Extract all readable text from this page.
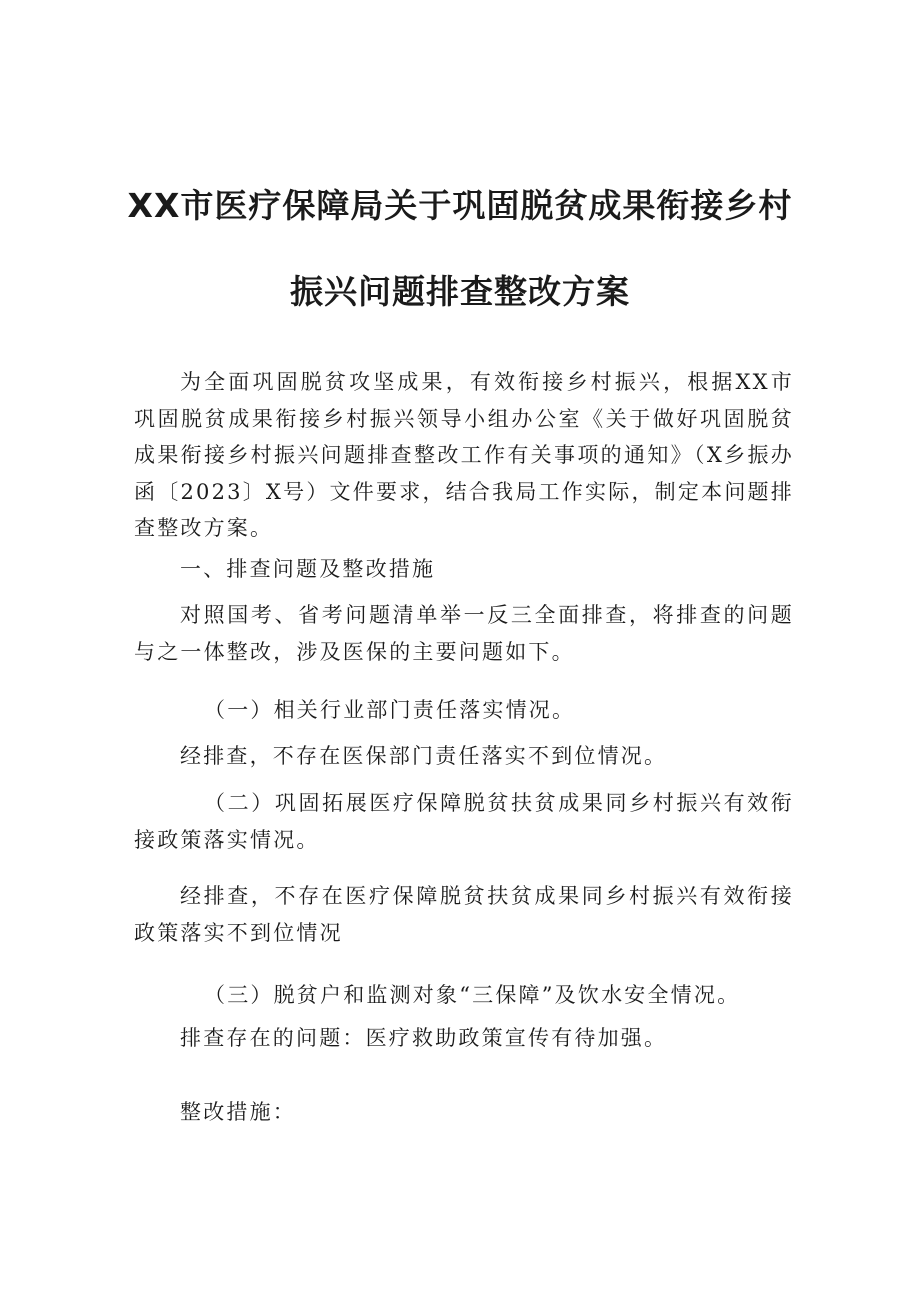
XX市医疗保障局关于巩固脱贫成果衔接乡村
振兴问题排查整改方案

为全面巩固脱贫攻坚成果，有效衔接乡村振兴，根据XX市巩固脱贫成果衔接乡村振兴领导小组办公室《关于做好巩固脱贫成果衔接乡村振兴问题排查整改工作有关事项的通知》（X乡振办函〔2023〕X号）文件要求，结合我局工作实际，制定本问题排查整改方案。

一、排查问题及整改措施

对照国考、省考问题清单举一反三全面排查，将排查的问题与之一体整改，涉及医保的主要问题如下。

（一）相关行业部门责任落实情况。

经排查，不存在医保部门责任落实不到位情况。

（二）巩固拓展医疗保障脱贫扶贫成果同乡村振兴有效衔接政策落实情况。

经排查，不存在医疗保障脱贫扶贫成果同乡村振兴有效衔接政策落实不到位情况

（三）脱贫户和监测对象“三保障”及饮水安全情况。

排查存在的问题：医疗救助政策宣传有待加强。

整改措施：
